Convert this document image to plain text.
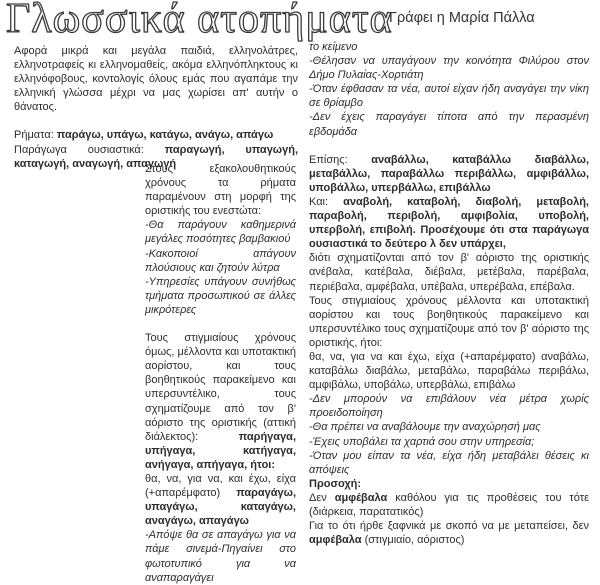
Γλωσσικά ατοπήματα
Γράφει η Μαρία Πάλλα

Αφορά μικρά και μεγάλα παιδιά, ελληνολάτρες, ελληνοτραφείς κι ελληνομαθείς, ακόμα ελληνόπληκτους κι ελληνόφοβους, κοντολογίς όλους εμάς που αγαπάμε την ελληνική γλώσσα μέχρι να μας χωρίσει απ' αυτήν ο θάνατος.

Ρήματα: παράγω, υπάγω, κατάγω, ανάγω, απάγω

Παράγωγα ουσιαστικά: παραγωγή, υπαγωγή, καταγωγή, αναγωγή, απαγωγή

Στους εξακολουθητικούς χρόνους τα ρήματα παραμένουν στη μορφή της οριστικής του ενεστώτα:

-Θα παράγουν καθημερινά μεγάλες ποσότητες βαμβακιού

-Κακοποιοί απάγουν πλούσιους και ζητούν λύτρα

-Υπηρεσίες υπάγουν συνήθως τμήματα προσωπικού σε άλλες μικρότερες

Τους στιγμιαίους χρόνους όμως, μέλλοντα και υποτακτική αορίστου, και τους βοηθητικούς παρακείμενο και υπερσυντέλικο, τους σχηματίζουμε από τον β' αόριστο της οριστικής (αττική διάλεκτος):	παρήγαγα, υπήγαγα, κατήγαγα, ανήγαγα, απήγαγα, ήτοι:

θα, να, για να, και έχω, είχα (+απαρέμφατο) παραγάγω, υπαγάγω, καταγάγω, αναγάγω, απαγάγω

-Απόψε θα σε απαγάγω για να πάμε σινεμά-Πηγαίνει στο φωτοτυπικό για να αναπαραγάγει

το κείμενο

-Θέλησαν να υπαγάγουν την κοινότητα Φιλύρου στον Δήμο Πυλαίας-Χορτιάτη

-Όταν έφθασαν τα νέα, αυτοί είχαν ήδη αναγάγει την νίκη σε θρίαμβο

-Δεν έχεις παραγάγει τίποτα από την περασμένη εβδομάδα

Επίσης: αναβάλλω, καταβάλλω διαβάλλω, μεταβάλλω, παραβάλλω περιβάλλω, αμφιβάλλω, υποβάλλω, υπερβάλλω, επιβάλλω

Και: αναβολή, καταβολή, διαβολή, μεταβολή, παραβολή, περιβολή, αμφιβολία, υποβολή, υπερβολή, επιβολή. Προσέχουμε ότι στα παράγωγα ουσιαστικά το δεύτερο λ δεν υπάρχει,

διότι σχηματίζονται από τον β' αόριστο της οριστικής ανέβαλα, κατέβαλα, διέβαλα, μετέβαλα, παρέβαλα, περιέβαλα, αμφέβαλα, υπέβαλα, υπερέβαλα, επέβαλα.

Τους στιγμιαίους χρόνους μέλλοντα και υποτακτική αορίστου και τους βοηθητικούς παρακείμενο και υπερσυντέλικο τους σχηματίζουμε από τον β' αόριστο της οριστικής, ήτοι:

θα, να, για να και έχω, είχα (+απαρέμφατο) αναβάλω, καταβάλω διαβάλω, μεταβάλω, παραβάλω περιβάλω, αμφιβάλω, υποβάλω, υπερβάλω, επιβάλω

-Δεν μπορούν να επιβάλουν νέα μέτρα χωρίς προειδοποίηση

-Θα πρέπει να αναβάλουμε την αναχώρησή μας

-Έχεις υποβάλει τα χαρτιά σου στην υπηρεσία;

-Όταν μου είπαν τα νέα, είχα ήδη μεταβάλει θέσεις κι απόψεις

Προσοχή:

Δεν αμφέβαλα καθόλου για τις προθέσεις του τότε (διάρκεια, παρατατικός)

Για το ότι ήρθε ξαφνικά με σκοπό να με μεταπείσει, δεν αμφέβαλα (στιγμιαίο, αόριστος)
